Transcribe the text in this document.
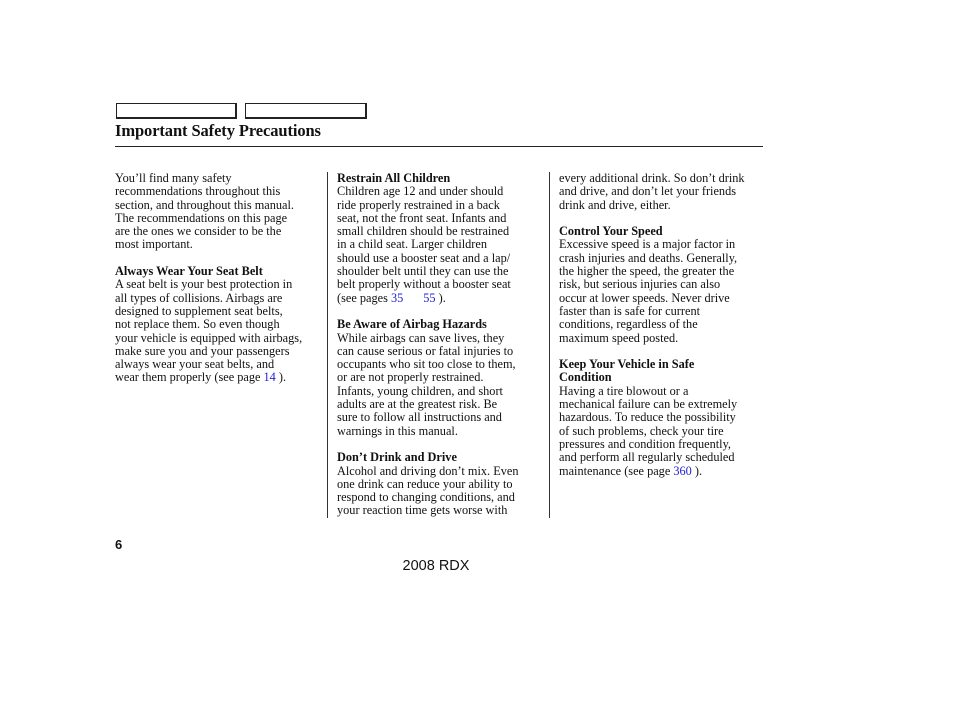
Important Safety Precautions
You’ll find many safety
recommendations throughout this
section, and throughout this manual.
The recommendations on this page
are the ones we consider to be the
most important.
Always Wear Your Seat Belt
A seat belt is your best protection in
all types of collisions. Airbags are
designed to supplement seat belts,
not replace them. So even though
your vehicle is equipped with airbags,
make sure you and your passengers
always wear your seat belts, and
wear them properly (see page 14 ).
Restrain All Children
Children age 12 and under should
ride properly restrained in a back
seat, not the front seat. Infants and
small children should be restrained
in a child seat. Larger children
should use a booster seat and a lap/
shoulder belt until they can use the
belt properly without a booster seat
(see pages 35 55 ).
Be Aware of Airbag Hazards
While airbags can save lives, they
can cause serious or fatal injuries to
occupants who sit too close to them,
or are not properly restrained.
Infants, young children, and short
adults are at the greatest risk. Be
sure to follow all instructions and
warnings in this manual.
Don’t Drink and Drive
Alcohol and driving don’t mix. Even
one drink can reduce your ability to
respond to changing conditions, and
your reaction time gets worse with
every additional drink. So don’t drink
and drive, and don’t let your friends
drink and drive, either.
Control Your Speed
Excessive speed is a major factor in
crash injuries and deaths. Generally,
the higher the speed, the greater the
risk, but serious injuries can also
occur at lower speeds. Never drive
faster than is safe for current
conditions, regardless of the
maximum speed posted.
Keep Your Vehicle in Safe
Condition
Having a tire blowout or a
mechanical failure can be extremely
hazardous. To reduce the possibility
of such problems, check your tire
pressures and condition frequently,
and perform all regularly scheduled
maintenance (see page 360 ).
6
2008 RDX
